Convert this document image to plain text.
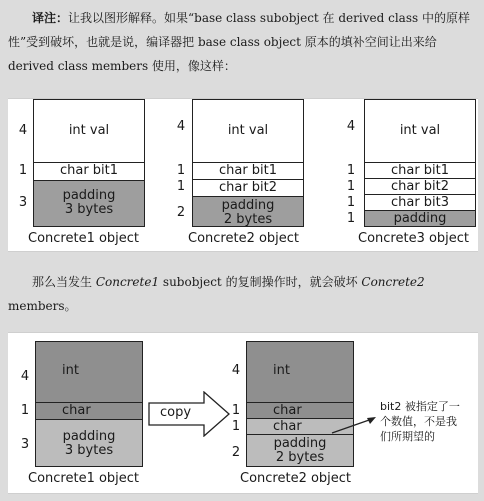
译注：让我以图形解释。如果“base class subobject 在 derived class 中的原样
性”受到破坏，也就是说，编译器把 base class object 原本的填补空间让出来给
derived class members 使用，像这样：
4
1
3
int val
char bit1
padding
3 bytes
Concrete1 object
4
1
1
2
int val
char bit1
char bit2
padding
2 bytes
Concrete2 object
4
1
1
1
1
int val
char bit1
char bit2
char bit3
padding
Concrete3 object
那么当发生 Concrete1 subobject 的复制操作时，就会破坏 Concrete2
members。
4
1
3
int
char
padding
3 bytes
Concrete1 object
copy
4
1
1
2
int
char
char
padding
2 bytes
Concrete2 object
bit2 被指定了一
个数值，不是我
们所期望的
